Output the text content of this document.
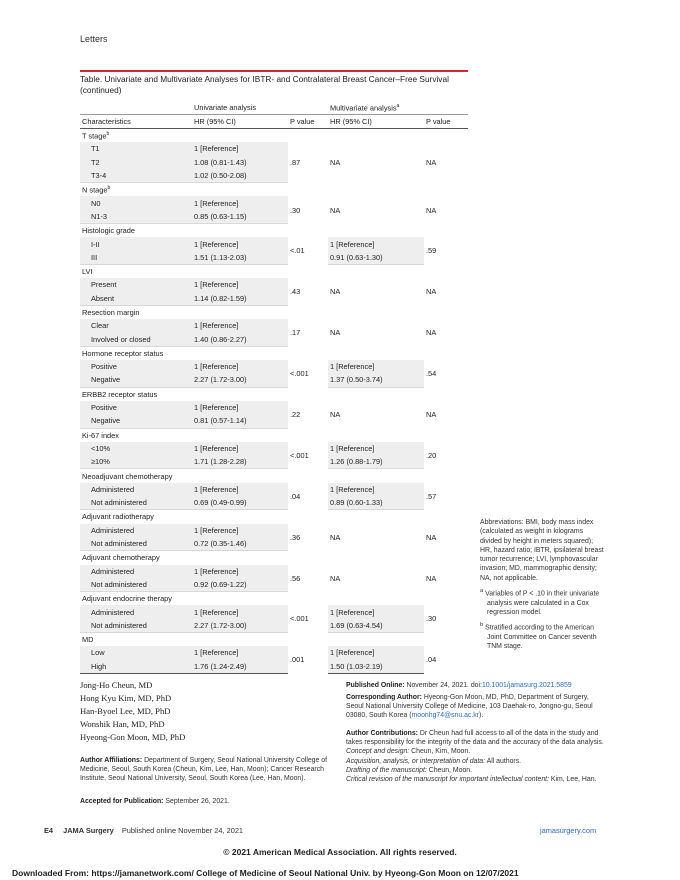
Letters
Table. Univariate and Multivariate Analyses for IBTR- and Contralateral Breast Cancer–Free Survival (continued)
	Univariate analysis		Multivariate analysis$^a$
Characteristics	HR (95% CI)	P value	HR (95% CI)	P value
T stage$^b$
T1	1 [Reference]	.87	NA	NA
T2	1.08 (0.81-1.43)			
T3-4	1.02 (0.50-2.08)			
N stage$^b$
N0	1 [Reference]	.30	NA	NA
N1-3	0.85 (0.63-1.15)			
Histologic grade				
I-II	1 [Reference]	<.01	1 [Reference]	.59
III	1.51 (1.13-2.03)		0.91 (0.63-1.30)	
LVI				
Present	1 [Reference]	.43	NA	NA
Absent	1.14 (0.82-1.59)			
Resection margin				
Clear	1 [Reference]	.17	NA	NA
Involved or closed	1.40 (0.86-2.27)			
Hormone receptor status				
Positive	1 [Reference]	<.001	1 [Reference]	.54
Negative	2.27 (1.72-3.00)		1.37 (0.50-3.74)	
ERBB2 receptor status				
Positive	1 [Reference]	.22	NA	NA
Negative	0.81 (0.57-1.14)			
Ki-67 index				
<10%	1 [Reference]	<.001	1 [Reference]	.20
≥10%	1.71 (1.28-2.28)		1.26 (0.88-1.79)	
Neoadjuvant chemotherapy				
Administered	1 [Reference]	.04	1 [Reference]	.57
Not administered	0.69 (0.49-0.99)		0.89 (0.60-1.33)	
Adjuvant radiotherapy				
Administered	1 [Reference]	.36	NA	NA
Not administered	0.72 (0.35-1.46)			
Adjuvant chemotherapy				
Administered	1 [Reference]	.56	NA	NA
Not administered	0.92 (0.69-1.22)			
Adjuvant endocrine therapy				
Administered	1 [Reference]	<.001	1 [Reference]	.30
Not administered	2.27 (1.72-3.00)		1.69 (0.63-4.54)	
MD				
Low	1 [Reference]	.001	1 [Reference]	.04
High	1.76 (1.24-2.49)		1.50 (1.03-2.19)	

Abbreviations: BMI, body mass index (calculated as weight in kilograms divided by height in meters squared); HR, hazard ratio; IBTR, ipsilateral breast tumor recurrence; LVI, lymphovascular invasion; MD, mammographic density; NA, not applicable.

$^a$ Variables of P < .10 in their univariate analysis were calculated in a Cox regression model.

$^b$ Stratified according to the American Joint Committee on Cancer seventh TNM stage.

Jong-Ho Cheun, MD
Hong Kyu Kim, MD, PhD
Han-Byoel Lee, MD, PhD
Wonshik Han, MD, PhD
Hyeong-Gon Moon, MD, PhD
Author Affiliations: Department of Surgery, Seoul National University College of Medicine, Seoul, South Korea (Cheun, Kim, Lee, Han, Moon); Cancer Research Institute, Seoul National University, Seoul, South Korea (Lee, Han, Moon).
Accepted for Publication: September 26, 2021.
Published Online: November 24, 2021. doi:10.1001/jamasurg.2021.5859
Corresponding Author: Hyeong-Gon Moon, MD, PhD, Department of Surgery, Seoul National University College of Medicine, 103 Daehak-ro, Jongno-gu, Seoul 03080, South Korea (moonhg74@snu.ac.kr).
Author Contributions: Dr Cheun had full access to all of the data in the study and takes responsibility for the integrity of the data and the accuracy of the data analysis.
Concept and design: Cheun, Kim, Moon.
Acquisition, analysis, or interpretation of data: All authors.
Drafting of the manuscript: Cheun, Moon.
Critical revision of the manuscript for important intellectual content: Kim, Lee, Han.
E4 JAMA Surgery Published online November 24, 2021	jamasurgery.com
© 2021 American Medical Association. All rights reserved.
Downloaded From: https://jamanetwork.com/ College of Medicine of Seoul National Univ. by Hyeong-Gon Moon on 12/07/2021
